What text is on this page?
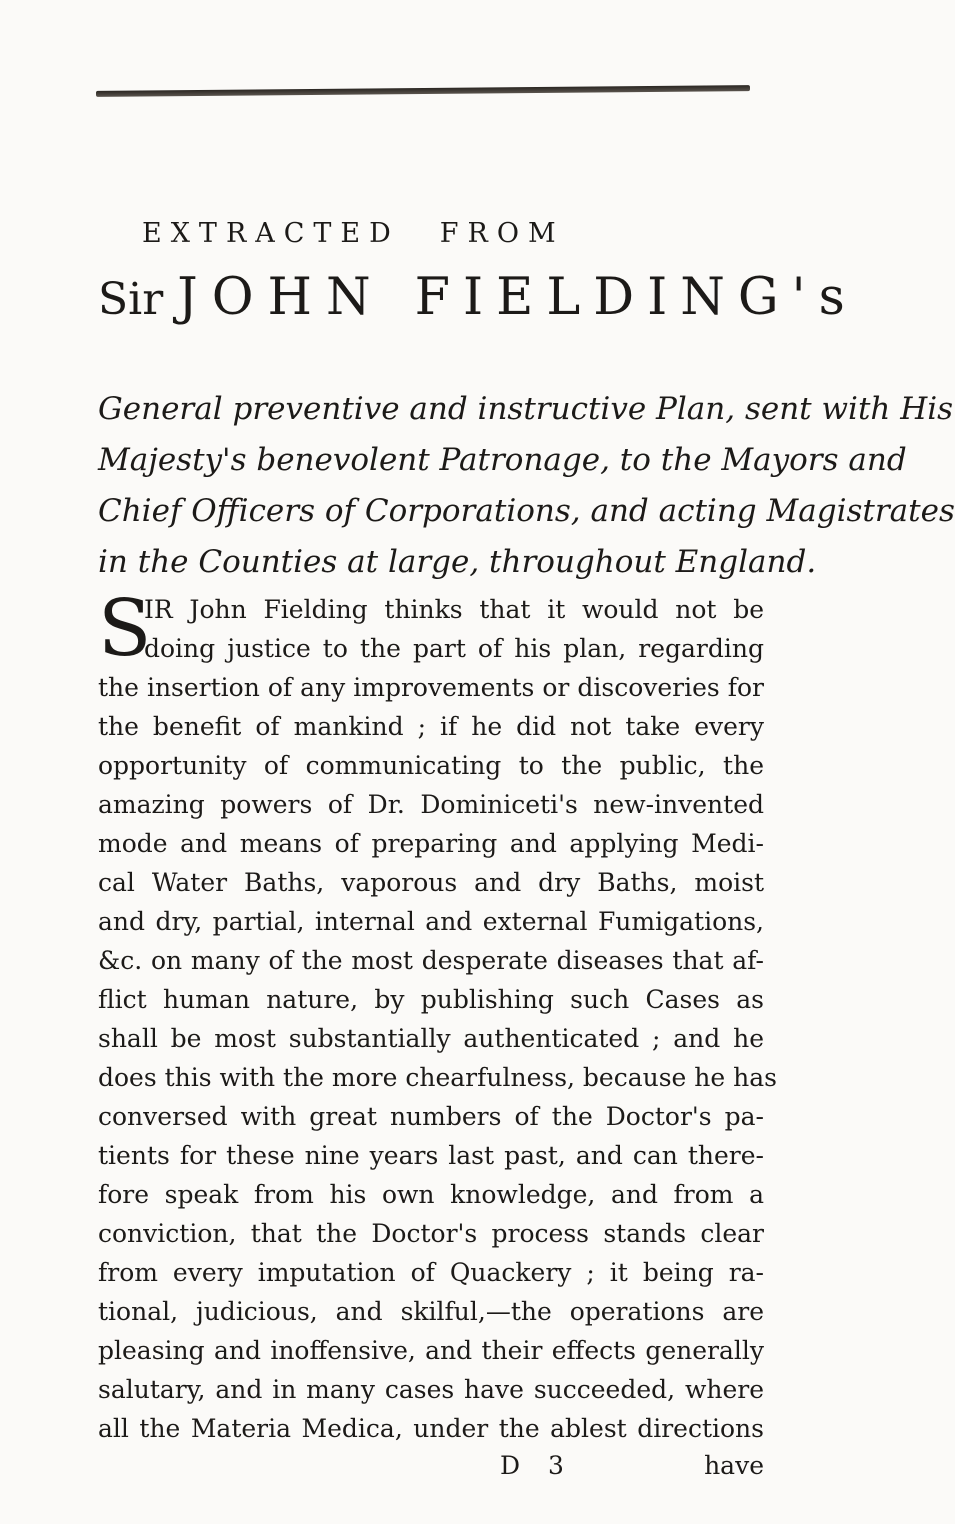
EXTRACTED FROM
Sir JOHN FIELDING's
General preventive and instructive Plan, sent with His
Majesty's benevolent Patronage, to the Mayors and
Chief Officers of Corporations, and acting Magistrates
in the Counties at large, throughout England.
S
IR John Fielding thinks that it would not be
doing justice to the part of his plan, regarding
the insertion of any improvements or discoveries for
the benefit of mankind ; if he did not take every
opportunity of communicating to the public, the
amazing powers of Dr. Dominiceti's new-invented
mode and means of preparing and applying Medi-
cal Water Baths, vaporous and dry Baths, moist
and dry, partial, internal and external Fumigations,
&c. on many of the most desperate diseases that af-
flict human nature, by publishing such Cases as
shall be most substantially authenticated ; and he
does this with the more chearfulness, because he has
conversed with great numbers of the Doctor's pa-
tients for these nine years last past, and can there-
fore speak from his own knowledge, and from a
conviction, that the Doctor's process stands clear
from every imputation of Quackery ; it being ra-
tional, judicious, and skilful,—the operations are
pleasing and inoffensive, and their effects generally
salutary, and in many cases have succeeded, where
all the Materia Medica, under the ablest directions
D 3	have
